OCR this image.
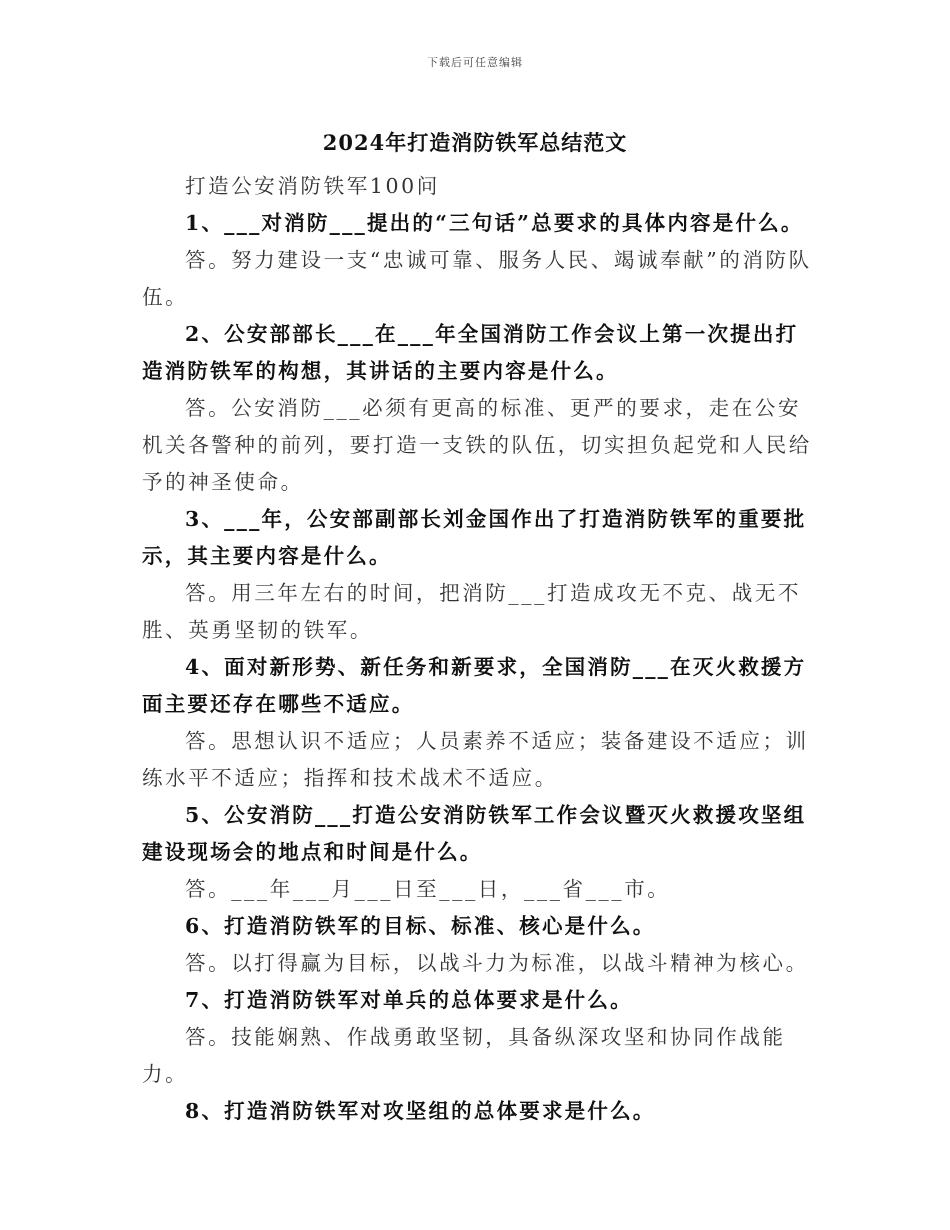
下载后可任意编辑
2024年打造消防铁军总结范文

打造公安消防铁军100问

1、___对消防___提出的“三句话”总要求的具体内容是什么。

答。努力建设一支“忠诚可靠、服务人民、竭诚奉献”的消防队伍。

2、公安部部长___在___年全国消防工作会议上第一次提出打造消防铁军的构想，其讲话的主要内容是什么。

答。公安消防___必须有更高的标准、更严的要求，走在公安机关各警种的前列，要打造一支铁的队伍，切实担负起党和人民给予的神圣使命。

3、___年，公安部副部长刘金国作出了打造消防铁军的重要批示，其主要内容是什么。

答。用三年左右的时间，把消防___打造成攻无不克、战无不胜、英勇坚韧的铁军。

4、面对新形势、新任务和新要求，全国消防___在灭火救援方面主要还存在哪些不适应。

答。思想认识不适应；人员素养不适应；装备建设不适应；训练水平不适应；指挥和技术战术不适应。

5、公安消防___打造公安消防铁军工作会议暨灭火救援攻坚组建设现场会的地点和时间是什么。

答。___年___月___日至___日，___省___市。

6、打造消防铁军的目标、标准、核心是什么。

答。以打得赢为目标，以战斗力为标准，以战斗精神为核心。

7、打造消防铁军对单兵的总体要求是什么。

答。技能娴熟、作战勇敢坚韧，具备纵深攻坚和协同作战能力。

8、打造消防铁军对攻坚组的总体要求是什么。
